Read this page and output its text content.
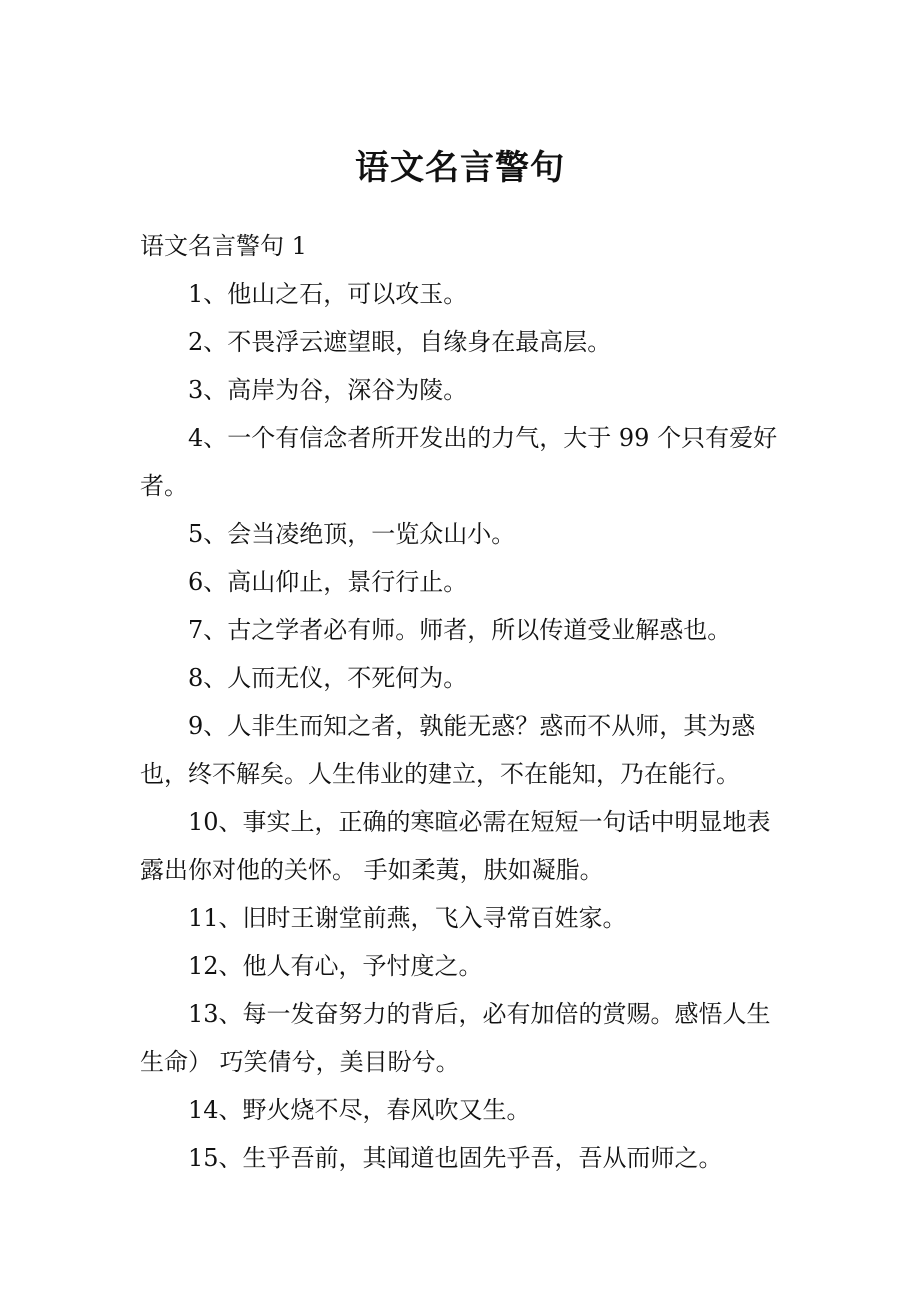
语文名言警句

语文名言警句 1

1、他山之石，可以攻玉。

2、不畏浮云遮望眼，自缘身在最高层。

3、高岸为谷，深谷为陵。

4、一个有信念者所开发出的力气，大于 99 个只有爱好者。

5、会当凌绝顶，一览众山小。

6、高山仰止，景行行止。

7、古之学者必有师。师者，所以传道受业解惑也。

8、人而无仪，不死何为。

9、人非生而知之者，孰能无惑？惑而不从师，其为惑也，终不解矣。人生伟业的建立，不在能知，乃在能行。

10、事实上，正确的寒暄必需在短短一句话中明显地表露出你对他的关怀。 手如柔荑，肤如凝脂。

11、旧时王谢堂前燕，飞入寻常百姓家。

12、他人有心，予忖度之。

13、每一发奋努力的背后，必有加倍的赏赐。感悟人生生命） 巧笑倩兮，美目盼兮。

14、野火烧不尽，春风吹又生。

15、生乎吾前，其闻道也固先乎吾，吾从而师之。
